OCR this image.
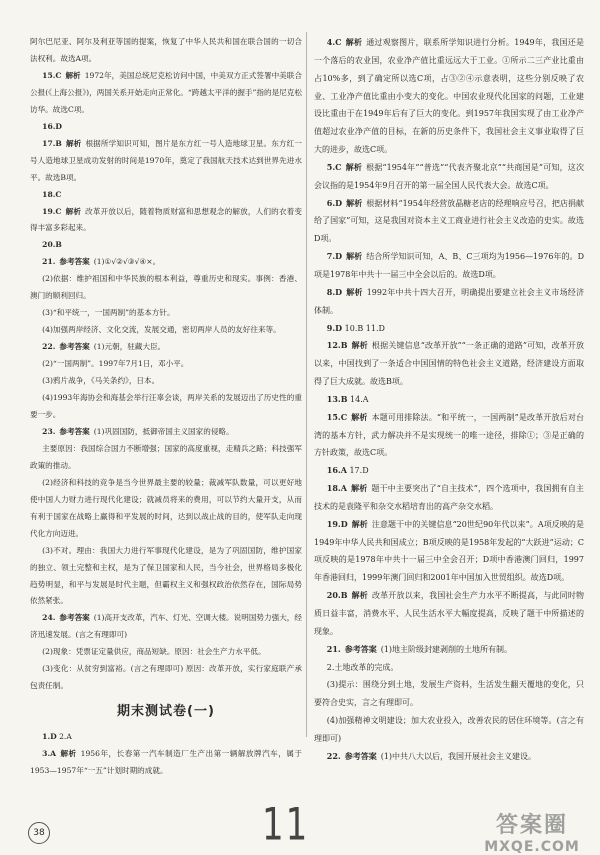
阿尔巴尼亚、阿尔及利亚等国的提案，恢复了中华人民共和国在联合国的一切合法权利。故选A项。

15.C 解析 1972年，美国总统尼克松访问中国，中美双方正式签署中美联合公报(《上海公报》)，两国关系开始走向正常化。“跨越太平洋的握手”指的是尼克松访华。故选C项。

16.D

17.B 解析 根据所学知识可知，图片是东方红一号人造地球卫星。东方红一号人造地球卫星成功发射的时间是1970年，奠定了我国航天技术达到世界先进水平。故选B项。

18.C

19.C 解析 改革开放以后，随着物质财富和思想观念的解放，人们的衣着变得丰富多彩起来。

20.B

21. 参考答案 (1)①√②√③√④×。

(2)依据：维护祖国和中华民族的根本利益，尊重历史和现实。事例：香港、澳门的顺利回归。

(3)“和平统一，一国两制”的基本方针。

(4)加强两岸经济、文化交流，发展交通，密切两岸人员的友好往来等。

22. 参考答案 (1)元朝，驻藏大臣。

(2)“一国两制”。1997年7月1日，邓小平。

(3)鸦片战争，《马关条约》，日本。

(4)1993年海协会和海基会举行汪辜会谈，两岸关系的发展迈出了历史性的重要一步。

23. 参考答案 (1)巩固国防，抵御帝国主义国家的侵略。

主要原因：我国综合国力不断增强；国家的高度重视，走精兵之路；科技强军政策的推动。

(2)经济和科技的竞争是当今世界最主要的较量；裁减军队数量，可以更好地使中国人力财力进行现代化建设；就减员将来的费用，可以节约大量开支，从而有利于国家在战略上赢得和平发展的时间，达到以战止战的目的，使军队走向现代化方向迈进。

(3)不对。理由：我国大力进行军事现代化建设，是为了巩固国防，维护国家的独立、领土完整和主权，是为了保卫国家和人民，当今社会，世界格局多极化趋势明显，和平与发展是时代主题，但霸权主义和强权政治依然存在，国际局势依然紧张。

24. 参考答案 (1)高开支改革，汽车、灯光、空调大楼。说明国势力强大，经济迅速发展。(言之有理即可)

(2)现象：凭票证定量供应，商品短缺。原因：社会生产力水平低。

(3)变化：从贫穷到富裕。(言之有理即可) 原因：改革开放，实行家庭联产承包责任制。

期末测试卷(一)

1.D 2.A

3.A 解析 1956年，长春第一汽车制造厂生产出第一辆解放牌汽车，属于1953—1957年“一五”计划时期的成就。

4.C 解析 通过观察图片，联系所学知识进行分析。1949年，我国还是一个落后的农业国，农业净产值比重远远大于工业。①所示二三产业比重由占10%多，到了确定所以选C项，占③②④示意表明，这些分别反映了农业、工业净产值比重由小变大的变化。中国农业现代化国家的问题，工业建设比重由于在1949年后有了巨大的变化。到1957年我国实现了由工业净产值超过农业净产值的目标，在新的历史条件下，我国社会主义事业取得了巨大的进步，故选C项。

5.C 解析 根据“1954年”“普选”“代表齐聚北京”“共商国是”可知，这次会议指的是1954年9月召开的第一届全国人民代表大会。故选C项。

6.D 解析 根据材料“1954年经营放晶糖老店的经理响应号召，把店捐献给了国家”可知，这是我国对资本主义工商业进行社会主义改造的史实。故选D项。

7.D 解析 结合所学知识可知，A、B、C三项均为1956—1976年的。D项是1978年中共十一届三中全会以后的。故选D项。

8.D 解析 1992年中共十四大召开，明确提出要建立社会主义市场经济体制。

9.D 10.B 11.D

12.B 解析 根据关键信息“改革开放”“一条正确的道路”可知，改革开放以来，中国找到了一条适合中国国情的特色社会主义道路，经济建设方面取得了巨大成就。故选B项。

13.B 14.A

15.C 解析 本题可用排除法。“和平统一，一国两制”是改革开放后对台湾的基本方针，武力解决并不是实现统一的唯一途径，排除①；③是正确的方针政策，故选C项。

16.A 17.D

18.A 解析 题干中主要突出了“自主技术”，四个选项中，我国拥有自主技术的是袁隆平和杂交水稻培育出的高产杂交水稻。

19.D 解析 注意题干中的关键信息“20世纪90年代以来”。A项反映的是1949年中华人民共和国成立；B项反映的是1958年发起的“大跃进”运动；C项反映的是1978年中共十一届三中全会召开；D项中香港澳门回归，1997年香港回归，1999年澳门回归和2001年中国加入世贸组织。故选D项。

20.B 解析 改革开放以来，我国社会生产力水平不断提高，与此同时物质日益丰富，消费水平、人民生活水平大幅度提高，反映了题干中所描述的现象。

21. 参考答案 (1)地主阶级封建剥削的土地所有制。

2.土地改革的完成。

(3)提示：围绕分到土地，发展生产资料，生活发生翻天覆地的变化，只要符合史实，言之有理即可。

(4)加强精神文明建设；加大农业投入，改善农民的居住环境等。(言之有理即可)

22. 参考答案 (1)中共八大以后，我国开展社会主义建设。

38	11	答案圈
MXQE.COM
